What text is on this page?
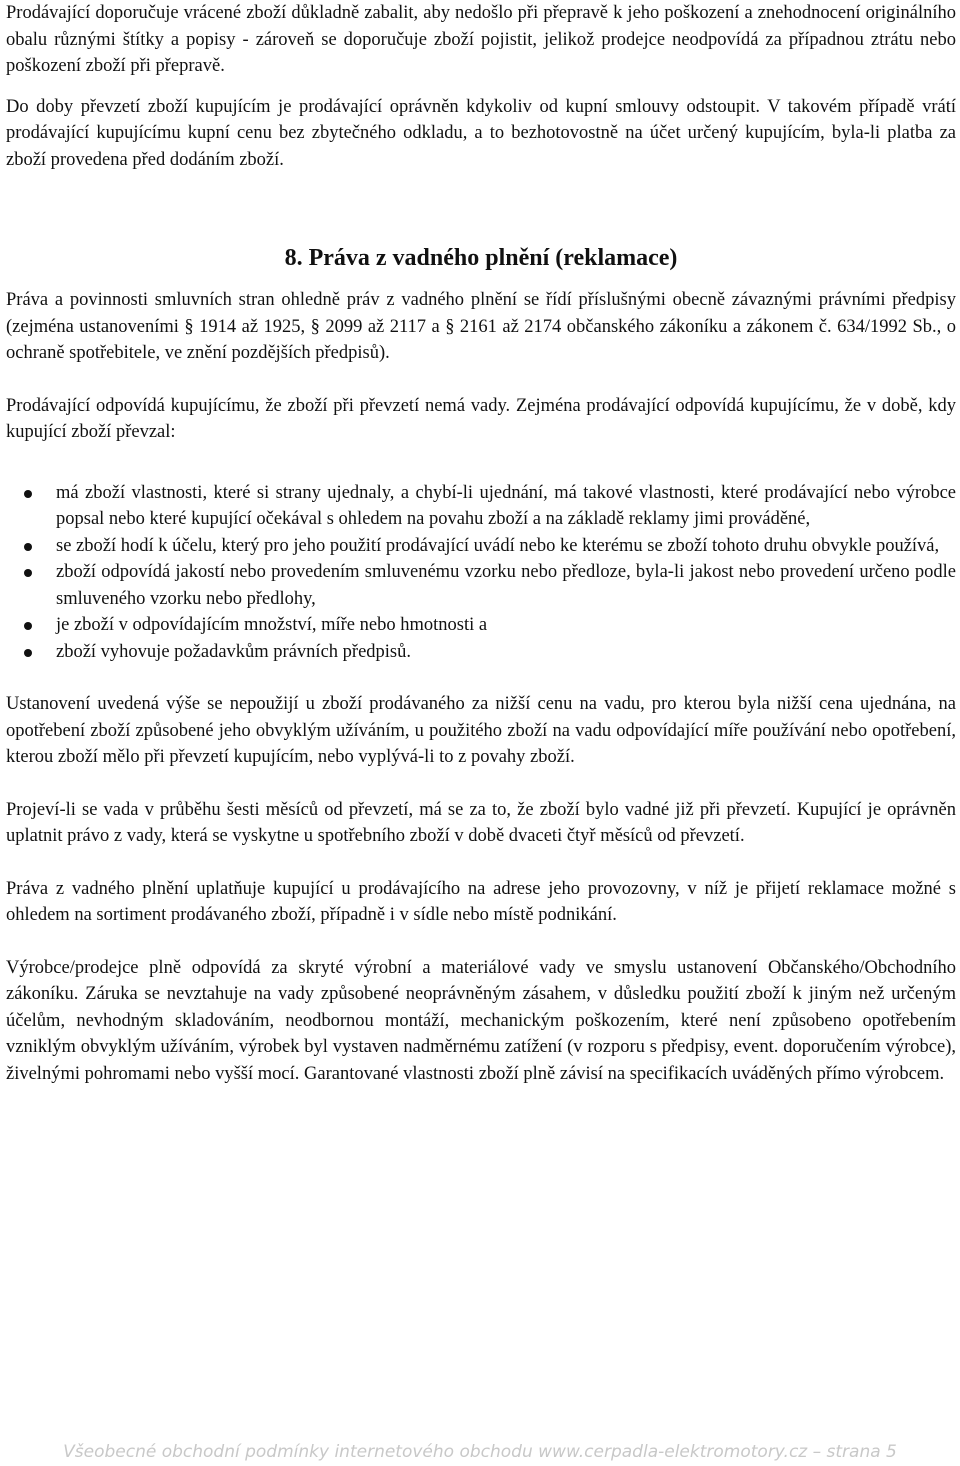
Prodávající doporučuje vrácené zboží důkladně zabalit, aby nedošlo při přepravě k jeho poškození a znehodnocení originálního obalu různými štítky a popisy - zároveň se doporučuje zboží pojistit, jelikož prodejce neodpovídá za případnou ztrátu nebo poškození zboží při přepravě.

Do doby převzetí zboží kupujícím je prodávající oprávněn kdykoliv od kupní smlouvy odstoupit. V takovém případě vrátí prodávající kupujícímu kupní cenu bez zbytečného odkladu, a to bezhotovostně na účet určený kupujícím, byla-li platba za zboží provedena před dodáním zboží.

8. Práva z vadného plnění (reklamace)

Práva a povinnosti smluvních stran ohledně práv z vadného plnění se řídí příslušnými obecně závaznými právními předpisy (zejména ustanoveními § 1914 až 1925, § 2099 až 2117 a § 2161 až 2174 občanského zákoníku a zákonem č. 634/1992 Sb., o ochraně spotřebitele, ve znění pozdějších předpisů).

Prodávající odpovídá kupujícímu, že zboží při převzetí nemá vady. Zejména prodávající odpovídá kupujícímu, že v době, kdy kupující zboží převzal:

má zboží vlastnosti, které si strany ujednaly, a chybí-li ujednání, má takové vlastnosti, které prodávající nebo výrobce popsal nebo které kupující očekával s ohledem na povahu zboží a na základě reklamy jimi prováděné,
se zboží hodí k účelu, který pro jeho použití prodávající uvádí nebo ke kterému se zboží tohoto druhu obvykle používá,
zboží odpovídá jakostí nebo provedením smluvenému vzorku nebo předloze, byla-li jakost nebo provedení určeno podle smluveného vzorku nebo předlohy,
je zboží v odpovídajícím množství, míře nebo hmotnosti a
zboží vyhovuje požadavkům právních předpisů.

Ustanovení uvedená výše se nepoužijí u zboží prodávaného za nižší cenu na vadu, pro kterou byla nižší cena ujednána, na opotřebení zboží způsobené jeho obvyklým užíváním, u použitého zboží na vadu odpovídající míře používání nebo opotřebení, kterou zboží mělo při převzetí kupujícím, nebo vyplývá-li to z povahy zboží.

Projeví-li se vada v průběhu šesti měsíců od převzetí, má se za to, že zboží bylo vadné již při převzetí. Kupující je oprávněn uplatnit právo z vady, která se vyskytne u spotřebního zboží v době dvaceti čtyř měsíců od převzetí.

Práva z vadného plnění uplatňuje kupující u prodávajícího na adrese jeho provozovny, v níž je přijetí reklamace možné s ohledem na sortiment prodávaného zboží, případně i v sídle nebo místě podnikání.

Výrobce/prodejce plně odpovídá za skryté výrobní a materiálové vady ve smyslu ustanovení Občanského/Obchodního zákoníku. Záruka se nevztahuje na vady způsobené neoprávněným zásahem, v důsledku použití zboží k jiným než určeným účelům, nevhodným skladováním, neodbornou montáží, mechanickým poškozením, které není způsobeno opotřebením vzniklým obvyklým užíváním, výrobek byl vystaven nadměrnému zatížení (v rozporu s předpisy, event. doporučením výrobce), živelnými pohromami nebo vyšší mocí. Garantované vlastnosti zboží plně závisí na specifikacích uváděných přímo výrobcem.

Všeobecné obchodní podmínky internetového obchodu www.cerpadla-elektromotory.cz – strana 5
